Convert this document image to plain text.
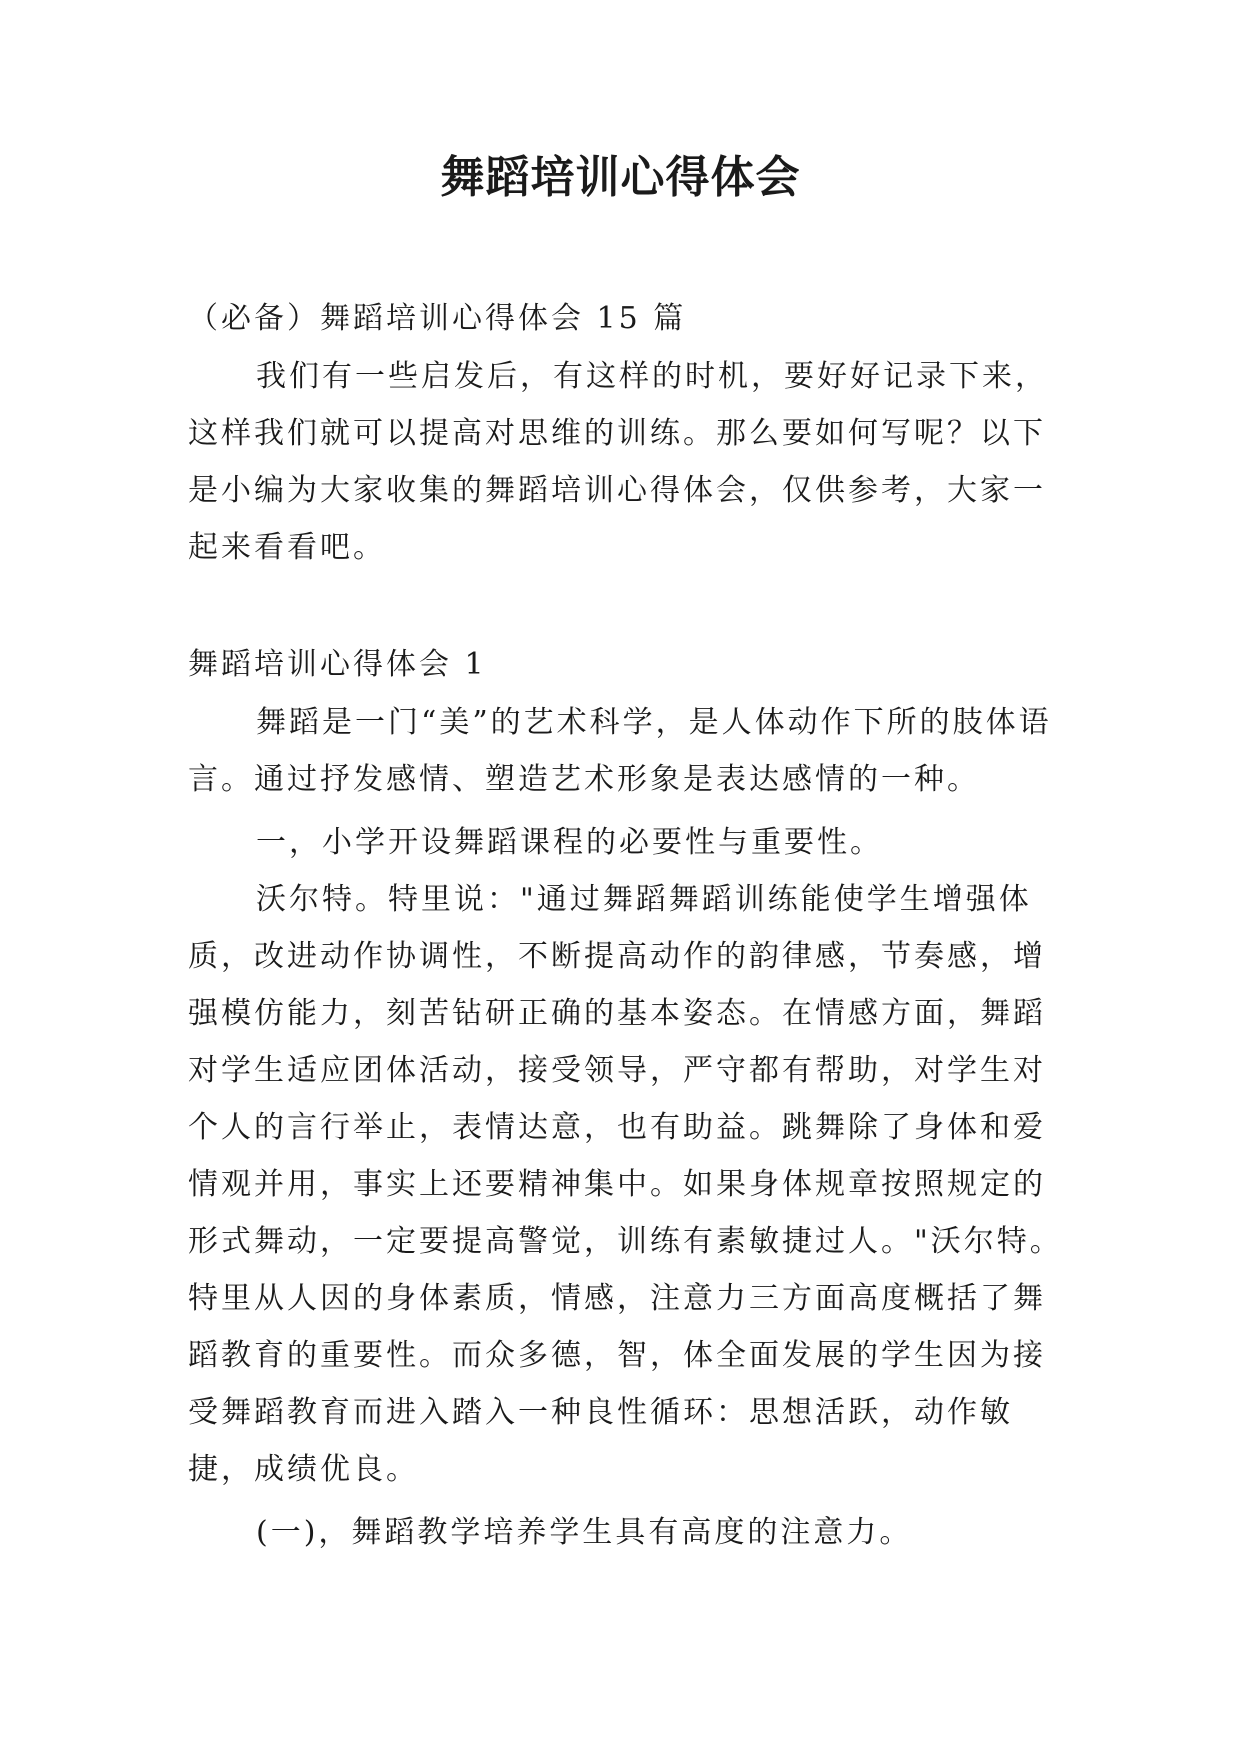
舞蹈培训心得体会

（必备）舞蹈培训心得体会 15 篇

我们有一些启发后，有这样的时机，要好好记录下来，这样我们就可以提高对思维的训练。那么要如何写呢？以下是小编为大家收集的舞蹈培训心得体会，仅供参考，大家一起来看看吧。

舞蹈培训心得体会 1

舞蹈是一门“美”的艺术科学，是人体动作下所的肢体语言。通过抒发感情、塑造艺术形象是表达感情的一种。

一，小学开设舞蹈课程的必要性与重要性。

沃尔特。特里说："通过舞蹈舞蹈训练能使学生增强体质，改进动作协调性，不断提高动作的韵律感，节奏感，增强模仿能力，刻苦钻研正确的基本姿态。在情感方面，舞蹈对学生适应团体活动，接受领导，严守都有帮助，对学生对个人的言行举止，表情达意，也有助益。跳舞除了身体和爱情观并用，事实上还要精神集中。如果身体规章按照规定的形式舞动，一定要提高警觉，训练有素敏捷过人。"沃尔特。特里从人因的身体素质，情感，注意力三方面高度概括了舞蹈教育的重要性。而众多德，智，体全面发展的学生因为接受舞蹈教育而进入踏入一种良性循环：思想活跃，动作敏捷，成绩优良。

(一)，舞蹈教学培养学生具有高度的注意力。
